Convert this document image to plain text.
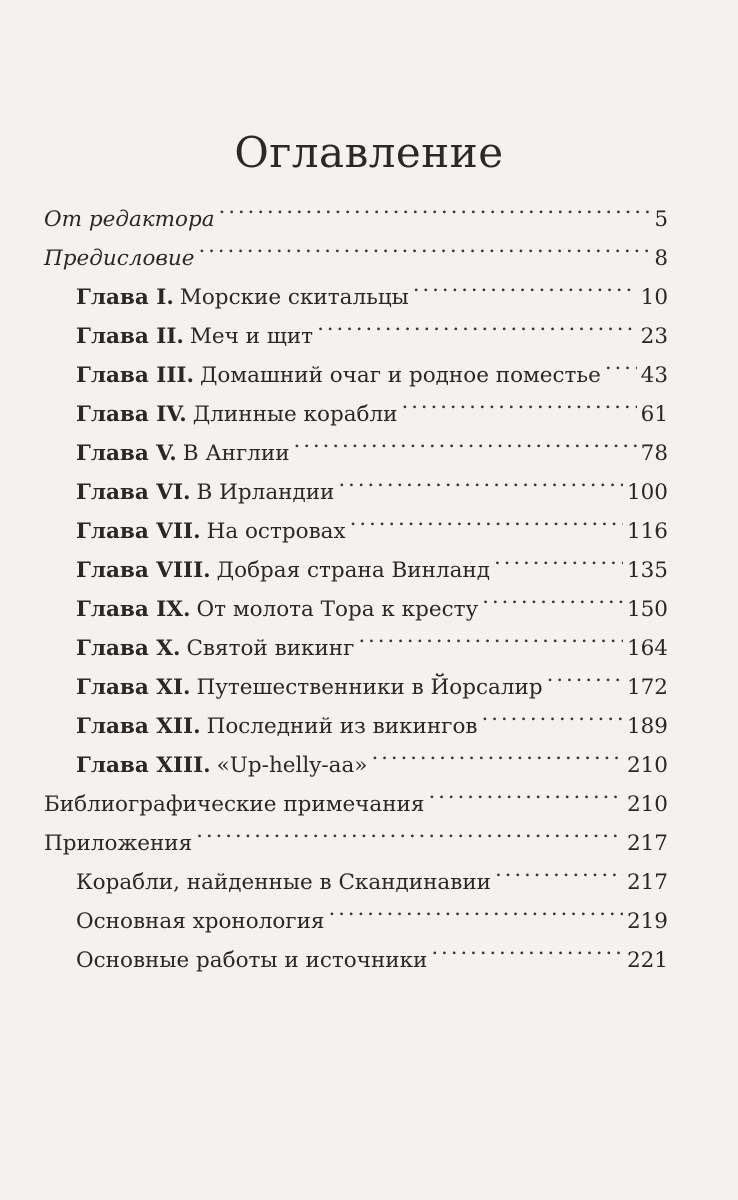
Оглавление
От редактора . . .	5
Предисловие . . .	8
Глава I. Морские скитальцы . . .	10
Глава II. Меч и щит . . .	23
Глава III. Домашний очаг и родное поместье . . . 43
Глава IV. Длинные корабли . . .	61
Глава V. В Англии . . .	78
Глава VI. В Ирландии . . .	100
Глава VII. На островах . . .	116
Глава VIII. Добрая страна Винланд . . .	135
Глава IX. От молота Тора к кресту . . .	150
Глава X. Святой викинг . . .	164
Глава XI. Путешественники в Йорсалир . . .	172
Глава XII. Последний из викингов . . .	189
Глава XIII. «Up-helly-aa» . . .	210
Библиографические примечания . . .	210
Приложения . . .	217
Корабли, найденные в Скандинавии . . .	217
Основная хронология . . .	219
Основные работы и источники . . .	221
